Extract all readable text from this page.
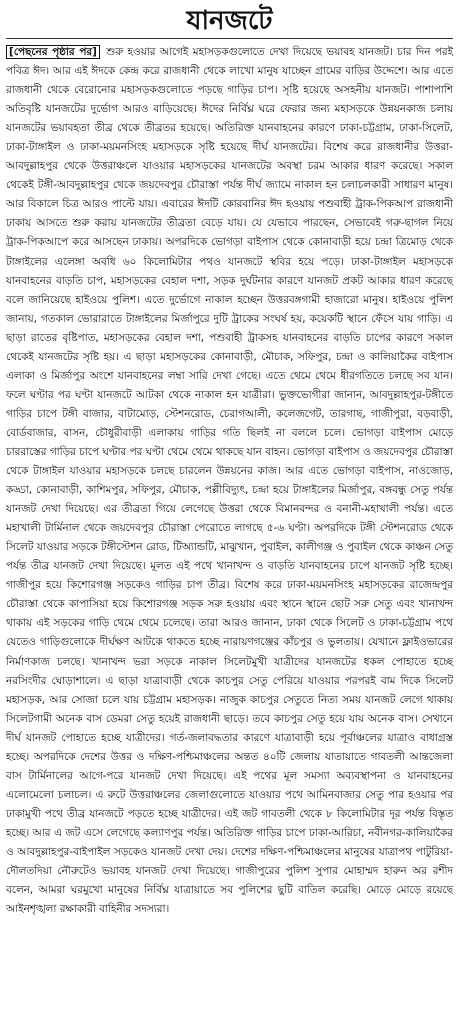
যানজটে
[পেছনের পৃষ্ঠার পর] শুরু হওয়ার আগেই মহাসড়কগুলোতে দেখা দিয়েছে ভয়াবহ যানজট। চার দিন পরই পবিত্র ঈদ। আর এই ঈদকে কেন্দ্র করে রাজধানী থেকে লাখো মানুষ যাচ্ছেন গ্রামের বাড়ির উদ্দেশে। আর এতে রাজধানী থেকে বেরোনোর মহাসড়কগুলোতে পড়ছে গাড়ির চাপ। সৃষ্টি হয়েছে অসহনীয় যানজট। পাশাপাশি অতিবৃষ্টি যানজটের দুর্ভোগ আরও বাড়িয়েছে। ঈদের নির্বিঘ্ন ঘরে ফেরার জন্য মহাসড়কে উন্নয়নকাজ চলায় যানজটের ভয়াবহতা তীব্র থেকে তীব্রতর হয়েছে। অতিরিক্ত যানবাহনের কারণে ঢাকা-চট্টগ্রাম, ঢাকা-সিলেট, ঢাকা-টাঙ্গাইল ও ঢাকা-ময়মনসিংহ মহাসড়কে সৃষ্টি হয়েছে দীর্ঘ যানজটের। বিশেষ করে রাজধানীর উত্তরা-আবদুল্লাহপুর থেকে উত্তরাঞ্চলে যাওয়ার মহাসড়কের যানজটের অবস্থা চরম আকার ধারণ করেছে। সকাল থেকেই টঙ্গী-আবদুল্লাহপুর থেকে জয়দেবপুর চৌরাস্তা পর্যন্ত দীর্ঘ জ্যামে নাকাল হন চলাচলকারী সাধারণ মানুষ। আর বিকালে চিত্র আরও পাল্টে যায়। এবারের ঈদটি কোরবানির ঈদ হওয়ায় পশুবাহী ট্রাক-পিকআপ রাজধানী ঢাকায় আসতে শুরু করায় যানজটের তীব্রতা বেড়ে যায়। যে যেভাবে পারছেন, সেভাবেই গরু-ছাগল নিয়ে ট্রাক-পিকআপে করে আসছেন ঢাকায়। অপরদিকে ভোগড়া বাইপাস থেকে কোনাবাড়ী হয়ে চন্দ্রা ত্রিমোড় থেকে টাঙ্গাইলের এলেঙ্গা অবধি ৬০ কিলোমিটার পথও যানজটে স্থবির হয়ে পড়ে। ঢাকা-টাঙ্গাইল মহাসড়কে যানবাহনের বাড়তি চাপ, মহাসড়কের বেহাল দশা, সড়ক দুর্ঘটনার কারণে যানজট প্রকট আকার ধারণ করেছে বলে জানিয়েছে হাইওয়ে পুলিশ। এতে দুর্ভোগে নাকাল হচ্ছেন উত্তরবঙ্গগামী হাজারো মানুষ। হাইওয়ে পুলিশ জানায়, গতকাল ভোরারাতে টাঙ্গাইলের মির্জাপুরে দুটি ট্রাকের সংঘর্ষ হয়, কয়েকটি স্থানে ফেঁসে যায় গাড়ি। এ ছাড়া রাতের বৃষ্টিপাত, মহাসড়কের বেহাল দশা, পশুবাহী ট্রাকসহ যানবাহনের বাড়তি চাপের কারণে সকাল থেকেই যানজটের সৃষ্টি হয়। এ ছাড়া মহাসড়কের কোনাবাড়ী, মৌচাক, সফিপুর, চন্দ্রা ও কালিয়াকৈর বাইপাস এলাকা ও মির্জাপুর অংশে যানবাহনের লম্বা সারি দেখা গেছে। এতে থেমে থেমে ধীরগতিতে চলছে সব যান। ফলে ঘণ্টার পর ঘণ্টা যানজটে আটকা থেকে নাকাল হন যাত্রীরা। ভুক্তভোগীরা জানান, আবদুল্লাহপুর-টঙ্গীতে গাড়ির চাপে টঙ্গী বাজার, বাটামোড়, স্টেশনরোড, চেরাগআলী, কলেজগেট, তারগাছ, গাজীপুরা, বড়বাড়ী, বোর্ডবাজার, বাসন, চৌধুরীবাড়ী এলাকায় গাড়ির গতি ছিলই না বললে চলে। ভোগড়া বাইপাস মোড়ে চাররাস্তের গাড়ির চাপে ঘণ্টার পর ঘণ্টা থেমে থেমে থাকছে যান বাহন। ভোগড়া বাইপাস ও জয়দেবপুর চৌরাস্তা থেকে টাঙ্গাইল যাওয়ার মহাসড়কে চলছে চারলেন উন্নয়নের কাজ। আর এতে ভোগড়া বাইপাস, নাওজোড়, কড্ডা, কোনাবাড়ী, কাশিমপুর, সফিপুর, মৌচাক, পল্লীবিদ্যুৎ, চন্দ্রা হয়ে টাঙ্গাইলের মির্জাপুর, বঙ্গবন্ধু সেতু পর্যন্ত যানজট দেখা দিয়েছে। এর তীব্রতা গিয়ে লেগেছে উত্তরা থেকে বিমানবন্দর ও বনানী-মহাখালী পর্যন্ত। এতে মহাখালী টার্মিনাল থেকে জয়দেবপুর চৌরাস্তা পেরোতে লাগছে ৫-৬ ঘণ্টা। অপরদিকে টঙ্গী স্টেশনরোড থেকে সিলেট যাওয়ার সড়কে টঙ্গীস্টেশন রোড, টিঅ্যান্ডটি, মাঝুখান, পুবাইল, কালীগঞ্জ ও পুবাইল থেকে কাঞ্চন সেতু পর্যন্ত তীব্র যানজট দেখা দিয়েছে। মূলত এই পথে খানাখন্দ ও বাড়তি যানবাহনের চাপে যানজট সৃষ্টি হচ্ছে। গাজীপুর হয়ে কিশোরগঞ্জ সড়কেও গাড়ির চাপ তীব্র। বিশেষ করে ঢাকা-ময়মনসিংহ মহাসড়কের রাজেন্দ্রপুর চৌরাস্তা থেকে কাপাসিয়া হয়ে কিশোরগঞ্জ সড়ক সরু হওয়ায় এবং স্থানে স্থানে ছোট সরু সেতু এবং খানাখন্দ থাকায় এই সড়কের গাড়ি থেমে থেমে চলেছে। তারা আরও জানান, ঢাকা থেকে সিলেট ও ঢাকা-চট্টগ্রাম পথে যেতেও গাড়িগুলোকে দীর্ঘক্ষণ আটকে থাকতে হচ্ছে নারায়ণগঞ্জের কাঁচপুর ও ভুলতায়। যেখানে ফ্লাইওভারের নির্মাণকাজ চলছে। খানাখন্দ ভরা সড়কে নাকাল সিলেটমুখী যাত্রীদের যানজটের ধকল পোহাতে হচ্ছে নরসিংদীর ঘোড়াশালে। এ ছাড়া যাত্রাবাড়ী থেকে কাচপুর সেতু পেরিয়ে যাওয়ার পরপরই বাম দিকে সিলেট মহাসড়ক, আর সোজা চলে যায় চট্টগ্রাম মহাসড়ক। নাজুক কাচপুর সেতুতে নিত্য সময় যানজট লেগে থাকায় সিলেটগামী অনেক বাস ডেমরা সেতু হয়েই রাজধানী ছাড়ে। তবে কাচপুর সেতু হয়ে যায় অনেক বাস। সেখানে দীর্ঘ যানজট পোহাতে হচ্ছে যাত্রীদের। গর্ত-জলাবদ্ধতার কারণে যাত্রাবাড়ী হয়ে পূর্বাঞ্চলের যাত্রাও বাধাগ্রস্ত হচ্ছে। অপরদিকে দেশের উত্তর ও দক্ষিণ-পশ্চিমাঞ্চলের অন্তত ৪০টি জেলায় যাতায়াতে গাবতলী আন্তজেলা বাস টার্মিনালের আগে-পরে যানজট দেখা দিয়েছে। এই পথের মূল সমস্যা অব্যবস্থাপনা ও যানবাহনের এলোমেলো চলাচল। এ রুটে উত্তরাঞ্চলের জেলাগুলোতে যাওয়ার পথে আমিনবাজার সেতু পার হওয়ার পর ঢাকামুখী পথে তীব্র যানজটে পড়তে হচ্ছে যাত্রীদের। এই জট গাবতলী থেকে ৮ কিলোমিটার দূর পর্যন্ত বিস্তৃত হচ্ছে। আর এ জট এসে লেগেছে কল্যাণপুর পর্যন্ত। অতিরিক্ত গাড়ির চাপে ঢাকা-আরিচা, নবীনগর-কালিয়াকৈর ও আবদুল্লাহপুর-বাইপাইল সড়কেও যানজট দেখা দেয়। দেশের দক্ষিণ-পশ্চিমাঞ্চলের মানুষের যাত্রাপথ পাটুরিয়া-দৌলতদিয়া নৌরুটেও ভয়াবহ যানজট দেখা দিয়েছে। গাজীপুরের পুলিশ সুপার মোহাম্মদ হারুন অর রশীদ বলেন, আমরা ঘরমুখো মানুষের নির্বিঘ্ন যাত্রায়াতে সব পুলিশের ছুটি বাতিল করেছি। মোড়ে মোড়ে রয়েছে আইনশৃঙ্খলা রক্ষাকারী বাহিনীর সদস্যরা।
